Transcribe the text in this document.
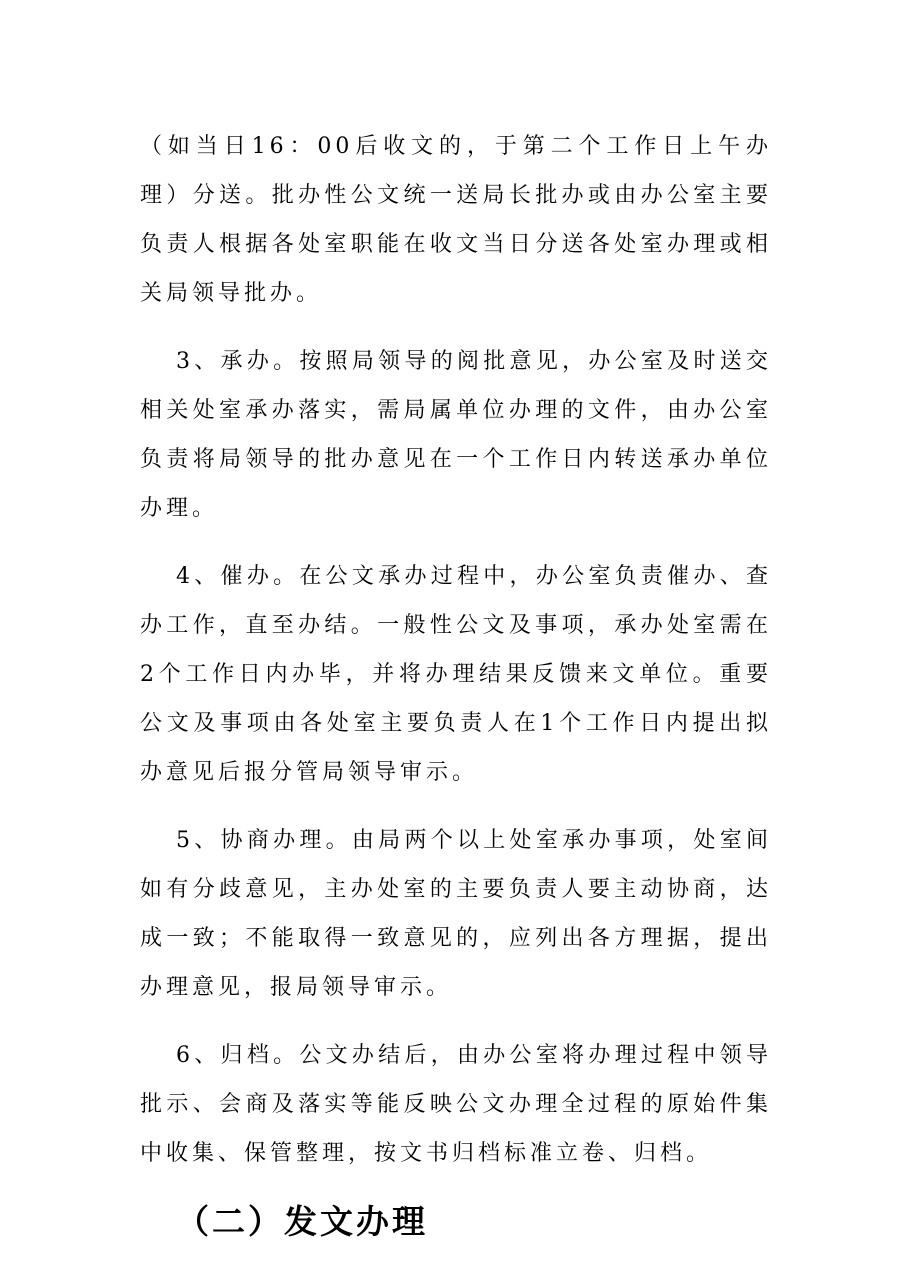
（如当日16：00后收文的，于第二个工作日上午办理）分送。批办性公文统一送局长批办或由办公室主要负责人根据各处室职能在收文当日分送各处室办理或相关局领导批办。

3、承办。按照局领导的阅批意见，办公室及时送交相关处室承办落实，需局属单位办理的文件，由办公室负责将局领导的批办意见在一个工作日内转送承办单位办理。

4、催办。在公文承办过程中，办公室负责催办、查办工作，直至办结。一般性公文及事项，承办处室需在2个工作日内办毕，并将办理结果反馈来文单位。重要公文及事项由各处室主要负责人在1个工作日内提出拟办意见后报分管局领导审示。

5、协商办理。由局两个以上处室承办事项，处室间如有分歧意见，主办处室的主要负责人要主动协商，达成一致；不能取得一致意见的，应列出各方理据，提出办理意见，报局领导审示。

6、归档。公文办结后，由办公室将办理过程中领导批示、会商及落实等能反映公文办理全过程的原始件集中收集、保管整理，按文书归档标准立卷、归档。

（二）发文办理
